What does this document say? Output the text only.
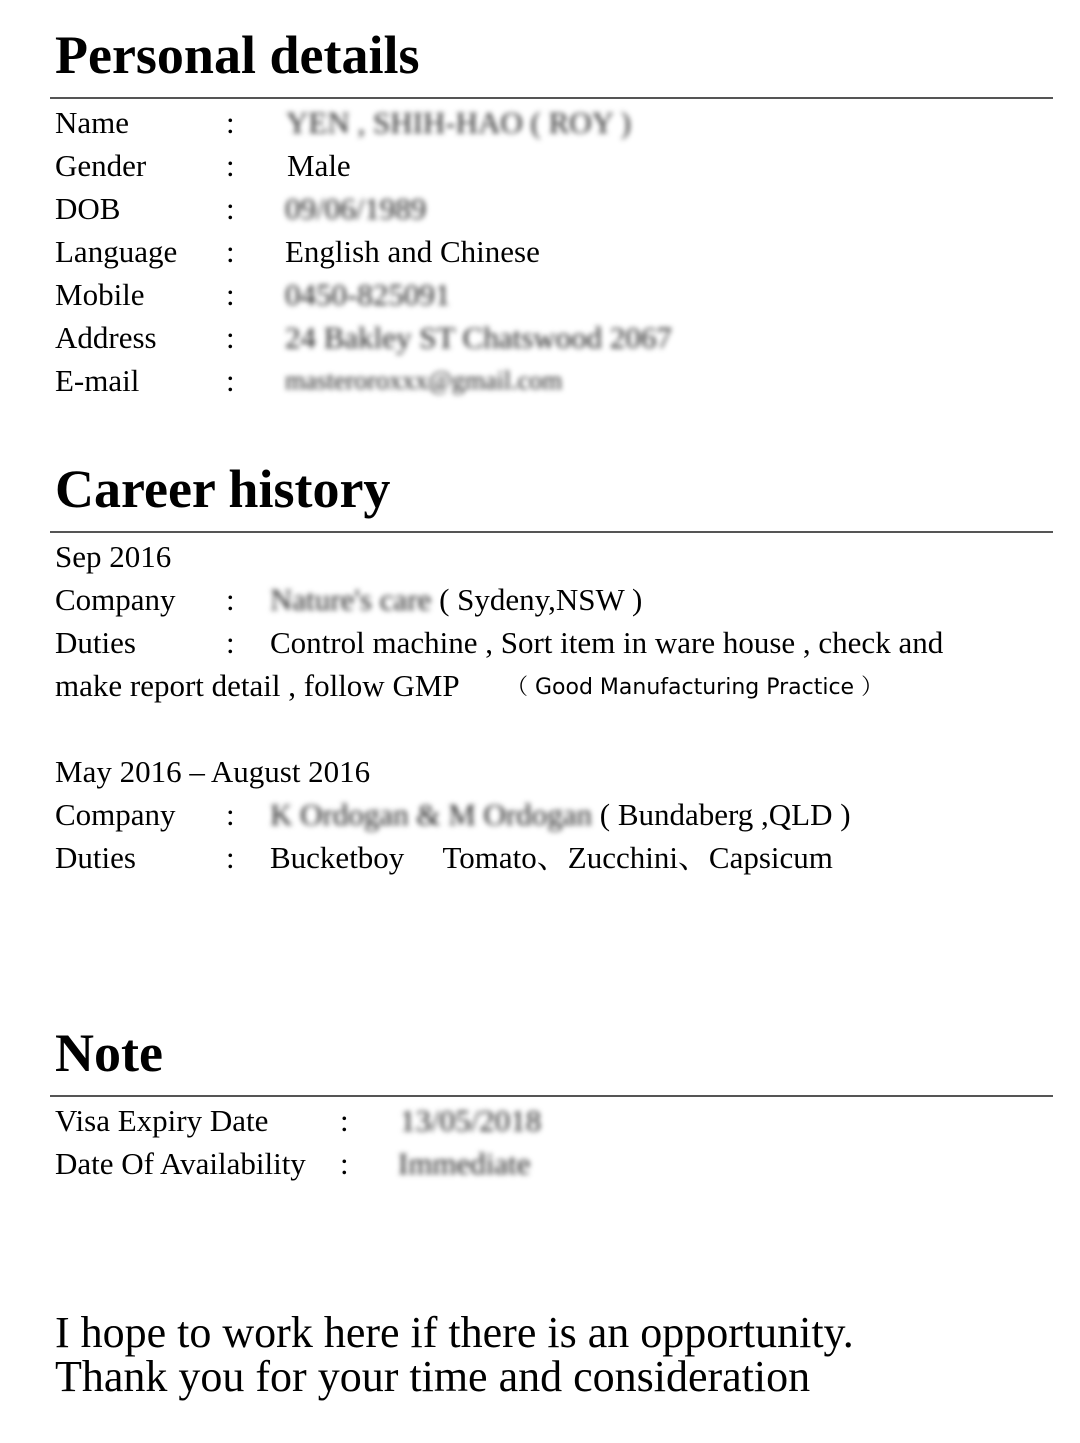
Personal details
Name	: YEN , SHIH-HAO ( ROY )
Gender	: Male
DOB	: 09/06/1989
Language : English and Chinese
Mobile	: 0450-825091
Address : 24 Bakley ST Chatswood 2067
E-mail	: masteroroxxx@gmail.com
Career history
Sep 2016
Company : Nature's care ( Sydeny,NSW )
Duties	: Control machine , Sort item in ware house , check and
make report detail , follow GMP （ Good Manufacturing Practice ）
May 2016 – August 2016
Company : K Ordogan & M Ordogan ( Bundaberg ,QLD )
Duties	: Bucketboy     Tomato、Zucchini、Capsicum
Note
Visa Expiry Date : 13/05/2018
Date Of Availability : Immediate
I hope to work here if there is an opportunity.
Thank you for your time and consideration
